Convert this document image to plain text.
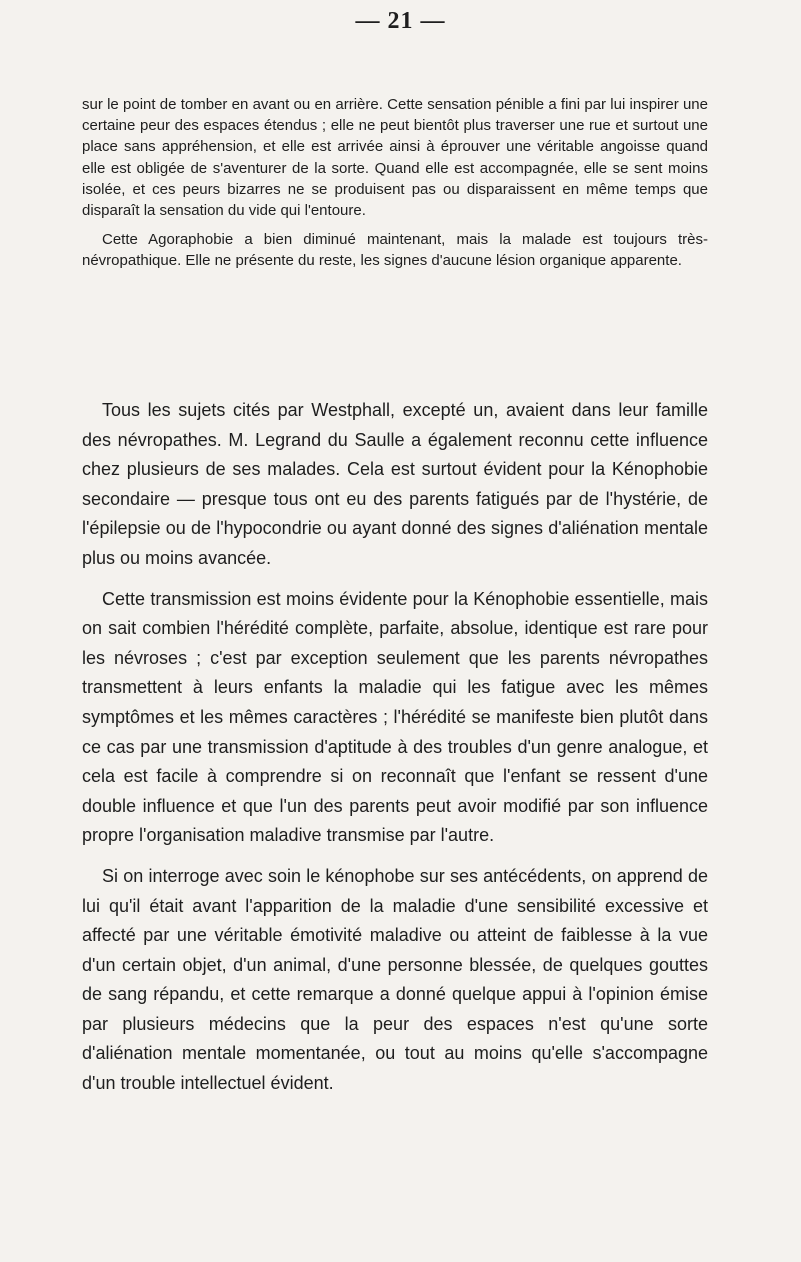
— 21 —

sur le point de tomber en avant ou en arrière. Cette sensation pénible a fini par lui inspirer une certaine peur des espaces étendus ; elle ne peut bientôt plus traverser une rue et surtout une place sans appréhension, et elle est arrivée ainsi à éprouver une véritable angoisse quand elle est obligée de s'aventurer de la sorte. Quand elle est accompagnée, elle se sent moins isolée, et ces peurs bizarres ne se produisent pas ou disparaissent en même temps que disparaît la sensation du vide qui l'entoure.

Cette Agoraphobie a bien diminué maintenant, mais la malade est toujours très-névropathique. Elle ne présente du reste, les signes d'aucune lésion organique apparente.

Tous les sujets cités par Westphall, excepté un, avaient dans leur famille des névropathes. M. Legrand du Saulle a également reconnu cette influence chez plusieurs de ses malades. Cela est surtout évident pour la Kénophobie secondaire — presque tous ont eu des parents fatigués par de l'hystérie, de l'épilepsie ou de l'hypocondrie ou ayant donné des signes d'aliénation mentale plus ou moins avancée.

Cette transmission est moins évidente pour la Kénophobie essentielle, mais on sait combien l'hérédité complète, parfaite, absolue, identique est rare pour les névroses ; c'est par exception seulement que les parents névropathes transmettent à leurs enfants la maladie qui les fatigue avec les mêmes symptômes et les mêmes caractères ; l'hérédité se manifeste bien plutôt dans ce cas par une transmission d'aptitude à des troubles d'un genre analogue, et cela est facile à comprendre si on reconnaît que l'enfant se ressent d'une double influence et que l'un des parents peut avoir modifié par son influence propre l'organisation maladive transmise par l'autre.

Si on interroge avec soin le kénophobe sur ses antécédents, on apprend de lui qu'il était avant l'apparition de la maladie d'une sensibilité excessive et affecté par une véritable émotivité maladive ou atteint de faiblesse à la vue d'un certain objet, d'un animal, d'une personne blessée, de quelques gouttes de sang répandu, et cette remarque a donné quelque appui à l'opinion émise par plusieurs médecins que la peur des espaces n'est qu'une sorte d'aliénation mentale momentanée, ou tout au moins qu'elle s'accompagne d'un trouble intellectuel évident.
